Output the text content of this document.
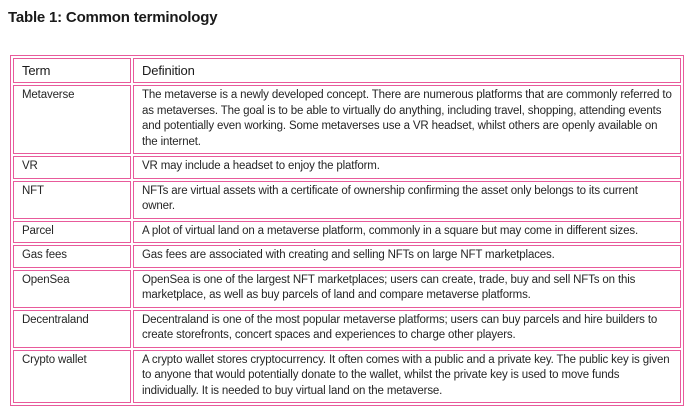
Table 1: Common terminology
Term	Definition
Metaverse	The metaverse is a newly developed concept. There are numerous platforms that are commonly referred to as metaverses. The goal is to be able to virtually do anything, including travel, shopping, attending events and potentially even working. Some metaverses use a VR headset, whilst others are openly available on the internet.
VR	VR may include a headset to enjoy the platform.
NFT	NFTs are virtual assets with a certificate of ownership confirming the asset only belongs to its current owner.
Parcel	A plot of virtual land on a metaverse platform, commonly in a square but may come in different sizes.
Gas fees	Gas fees are associated with creating and selling NFTs on large NFT marketplaces.
OpenSea	OpenSea is one of the largest NFT marketplaces; users can create, trade, buy and sell NFTs on this marketplace, as well as buy parcels of land and compare metaverse platforms.
Decentraland	Decentraland is one of the most popular metaverse platforms; users can buy parcels and hire builders to create storefronts, concert spaces and experiences to charge other players.
Crypto wallet	A crypto wallet stores cryptocurrency. It often comes with a public and a private key. The public key is given to anyone that would potentially donate to the wallet, whilst the private key is used to move funds individually. It is needed to buy virtual land on the metaverse.
